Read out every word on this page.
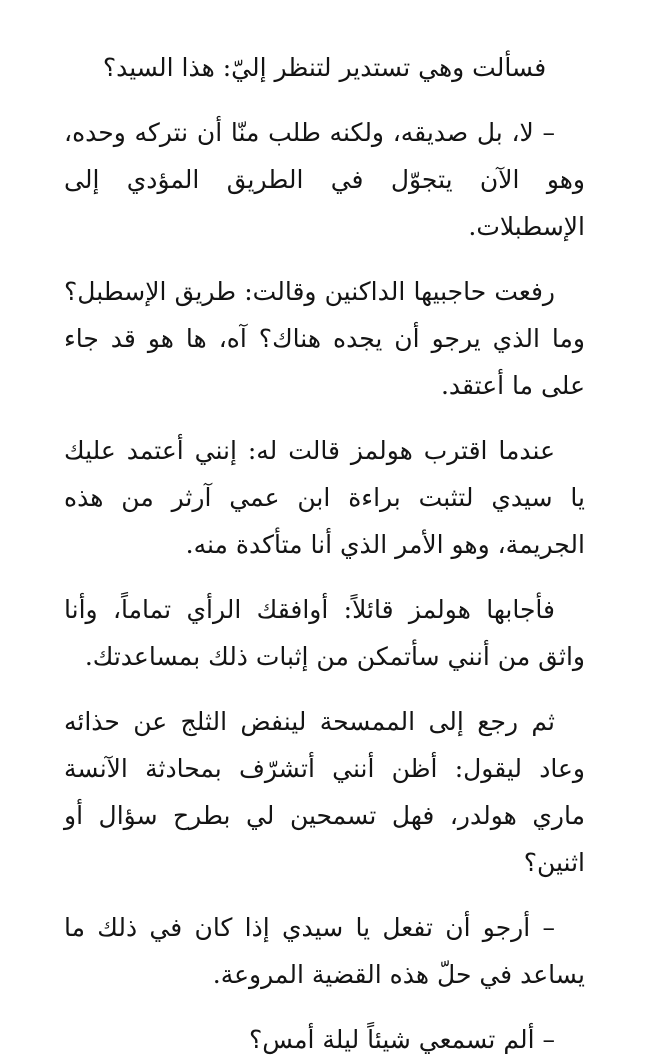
فسألت وهي تستدير لتنظر إليّ: هذا السيد؟

– لا، بل صديقه، ولكنه طلب منّا أن نتركه وحده، وهو الآن يتجوّل في الطريق المؤدي إلى الإسطبلات.

رفعت حاجبيها الداكنين وقالت: طريق الإسطبل؟ وما الذي يرجو أن يجده هناك؟ آه، ها هو قد جاء على ما أعتقد.

عندما اقترب هولمز قالت له: إنني أعتمد عليك يا سيدي لتثبت براءة ابن عمي آرثر من هذه الجريمة، وهو الأمر الذي أنا متأكدة منه.

فأجابها هولمز قائلاً: أوافقك الرأي تماماً، وأنا واثق من أنني سأتمكن من إثبات ذلك بمساعدتك.

ثم رجع إلى الممسحة لينفض الثلج عن حذائه وعاد ليقول: أظن أنني أتشرّف بمحادثة الآنسة ماري هولدر، فهل تسمحين لي بطرح سؤال أو اثنين؟

– أرجو أن تفعل يا سيدي إذا كان في ذلك ما يساعد في حلّ هذه القضية المروعة.

– ألم تسمعي شيئاً ليلة أمس؟
